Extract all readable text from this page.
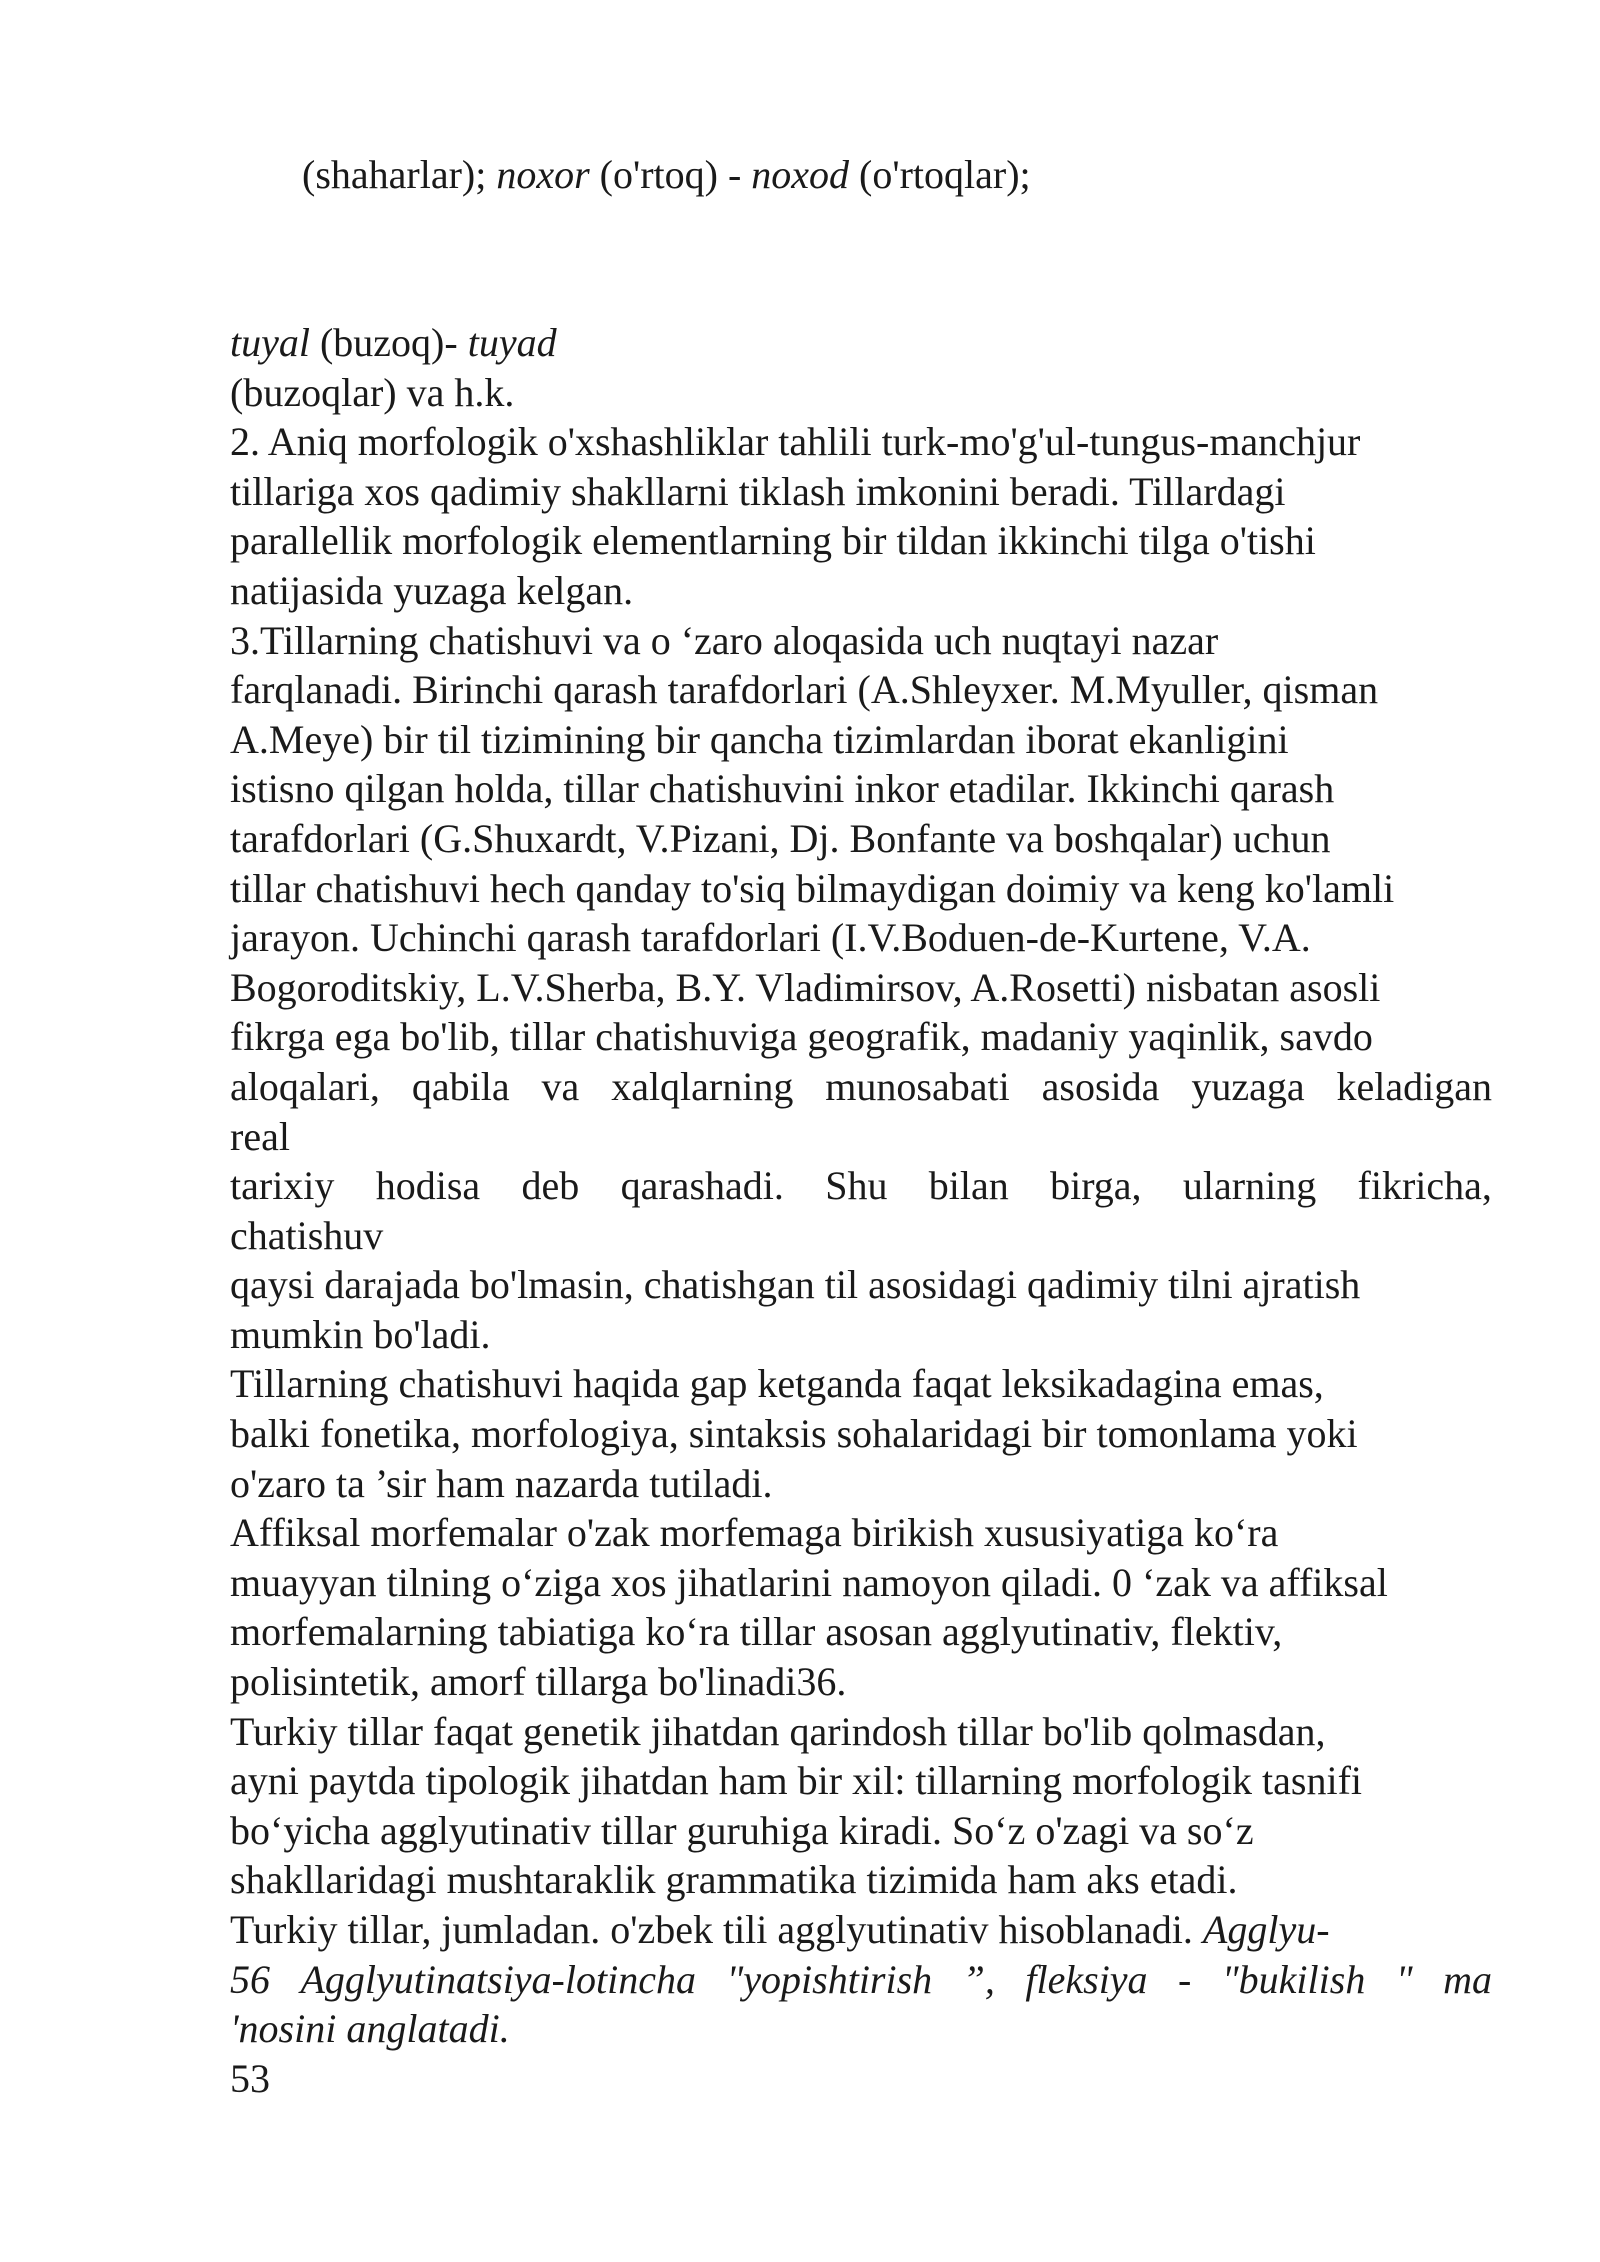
(shaharlar); noxor (o'rtoq) - noxod (o'rtoqlar);
tuyal (buzoq)- tuyad
(buzoqlar) va h.k.
2. Aniq morfologik o'xshashliklar tahlili turk-mo'g'ul-tungus-manchjur
tillariga xos qadimiy shakllarni tiklash imkonini beradi. Tillardagi
parallellik morfologik elementlarning bir tildan ikkinchi tilga o'tishi
natijasida yuzaga kelgan.
3.Tillarning chatishuvi va o ‘zaro aloqasida uch nuqtayi nazar
farqlanadi. Birinchi qarash tarafdorlari (A.Shleyxer. M.Myuller, qisman
A.Meye) bir til tizimining bir qancha tizimlardan iborat ekanligini
istisno qilgan holda, tillar chatishuvini inkor etadilar. Ikkinchi qarash
tarafdorlari (G.Shuxardt, V.Pizani, Dj. Bonfante va boshqalar) uchun
tillar chatishuvi hech qanday to'siq bilmaydigan doimiy va keng ko'lamli
jarayon. Uchinchi qarash tarafdorlari (I.V.Boduen-de-Kurtene, V.A.
Bogoroditskiy, L.V.Sherba, B.Y. Vladimirsov, A.Rosetti) nisbatan asosli
fikrga ega bo'lib, tillar chatishuviga geografik, madaniy yaqinlik, savdo
aloqalari, qabila va xalqlarning munosabati asosida yuzaga keladigan
real
tarixiy hodisa deb qarashadi. Shu bilan birga, ularning fikricha,
chatishuv
qaysi darajada bo'lmasin, chatishgan til asosidagi qadimiy tilni ajratish
mumkin bo'ladi.
Tillarning chatishuvi haqida gap ketganda faqat leksikadagina emas,
balki fonetika, morfologiya, sintaksis sohalaridagi bir tomonlama yoki
o'zaro ta ’sir ham nazarda tutiladi.
Affiksal morfemalar o'zak morfemaga birikish xususiyatiga ko‘ra
muayyan tilning o‘ziga xos jihatlarini namoyon qiladi. 0 ‘zak va affiksal
morfemalarning tabiatiga ko‘ra tillar asosan agglyutinativ, flektiv,
polisintetik, amorf tillarga bo'linadi36.
Turkiy tillar faqat genetik jihatdan qarindosh tillar bo'lib qolmasdan,
ayni paytda tipologik jihatdan ham bir xil: tillarning morfologik tasnifi
bo‘yicha agglyutinativ tillar guruhiga kiradi. So‘z o'zagi va so‘z
shakllaridagi mushtaraklik grammatika tizimida ham aks etadi.
Turkiy tillar, jumladan. o'zbek tili agglyutinativ hisoblanadi. Agglyu-
56 Agglyutinatsiya-lotincha "yopishtirish ”, fleksiya - "bukilish " ma
'nosini anglatadi.
53
